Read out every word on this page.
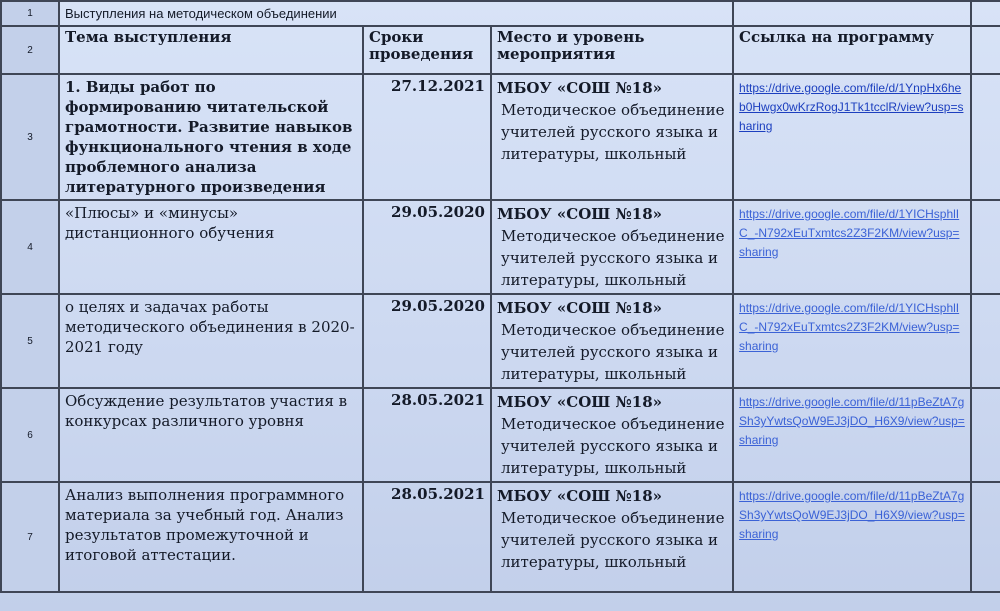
1	Выступления на методическом объединении				
2	Тема выступления	Сроки проведения	Место и уровень мероприятия	Ссылка на программу	
3	1. Виды работ по формированию читательской грамотности. Развитие навыков функционального чтения в ходе проблемного анализа литературного произведения	27.12.2021	МБОУ «СОШ №18»
Методическое объединение учителей русского языка и литературы, школьный	https://drive.google.com/file/d/1YnpHx6heb0Hwgx0wKrzRogJ1Tk1tcclR/view?usp=sharing	
4	«Плюсы» и «минусы» дистанционного обучения	29.05.2020	МБОУ «СОШ №18»
Методическое объединение учителей русского языка и литературы, школьный	https://drive.google.com/file/d/1YICHsphlIC_-N792xEuTxmtcs2Z3F2KM/view?usp=sharing	
5	о целях и задачах работы методического объединения в 2020-2021 году	29.05.2020	МБОУ «СОШ №18»
Методическое объединение учителей русского языка и литературы, школьный	https://drive.google.com/file/d/1YICHsphlIC_-N792xEuTxmtcs2Z3F2KM/view?usp=sharing	
6	Обсуждение результатов участия в конкурсах различного уровня	28.05.2021	МБОУ «СОШ №18»
Методическое объединение учителей русского языка и литературы, школьный	https://drive.google.com/file/d/11pBeZtA7gSh3yYwtsQoW9EJ3jDO_H6X9/view?usp=sharing	
7	Анализ выполнения программного материала за учебный год. Анализ результатов промежуточной и итоговой аттестации.	28.05.2021	МБОУ «СОШ №18»
Методическое объединение учителей русского языка и литературы, школьный	https://drive.google.com/file/d/11pBeZtA7gSh3yYwtsQoW9EJ3jDO_H6X9/view?usp=sharing	
